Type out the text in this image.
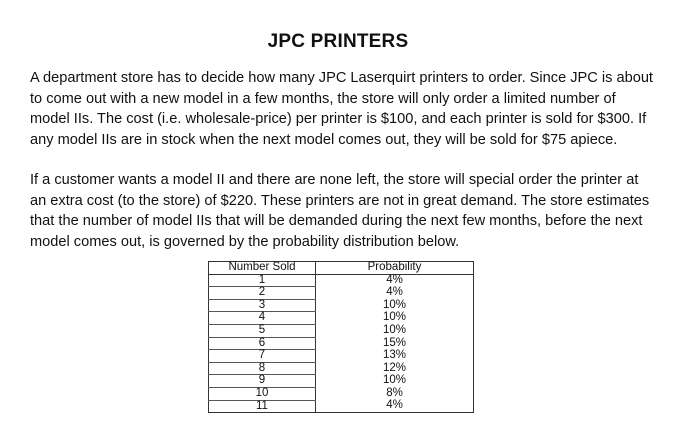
JPC PRINTERS

A department store has to decide how many JPC Laserquirt printers to order. Since JPC is about to come out with a new model in a few months, the store will only order a limited number of model IIs. The cost (i.e. wholesale-price) per printer is $100, and each printer is sold for $300. If any model IIs are in stock when the next model comes out, they will be sold for $75 apiece.

If a customer wants a model II and there are none left, the store will special order the printer at an extra cost (to the store) of $220. These printers are not in great demand. The store estimates that the number of model IIs that will be demanded during the next few months, before the next model comes out, is governed by the probability distribution below.

Number Sold	Probability
1	4%
2	4%
3	10%
4	10%
5	10%
6	15%
7	13%
8	12%
9	10%
10	8%
11	4%
